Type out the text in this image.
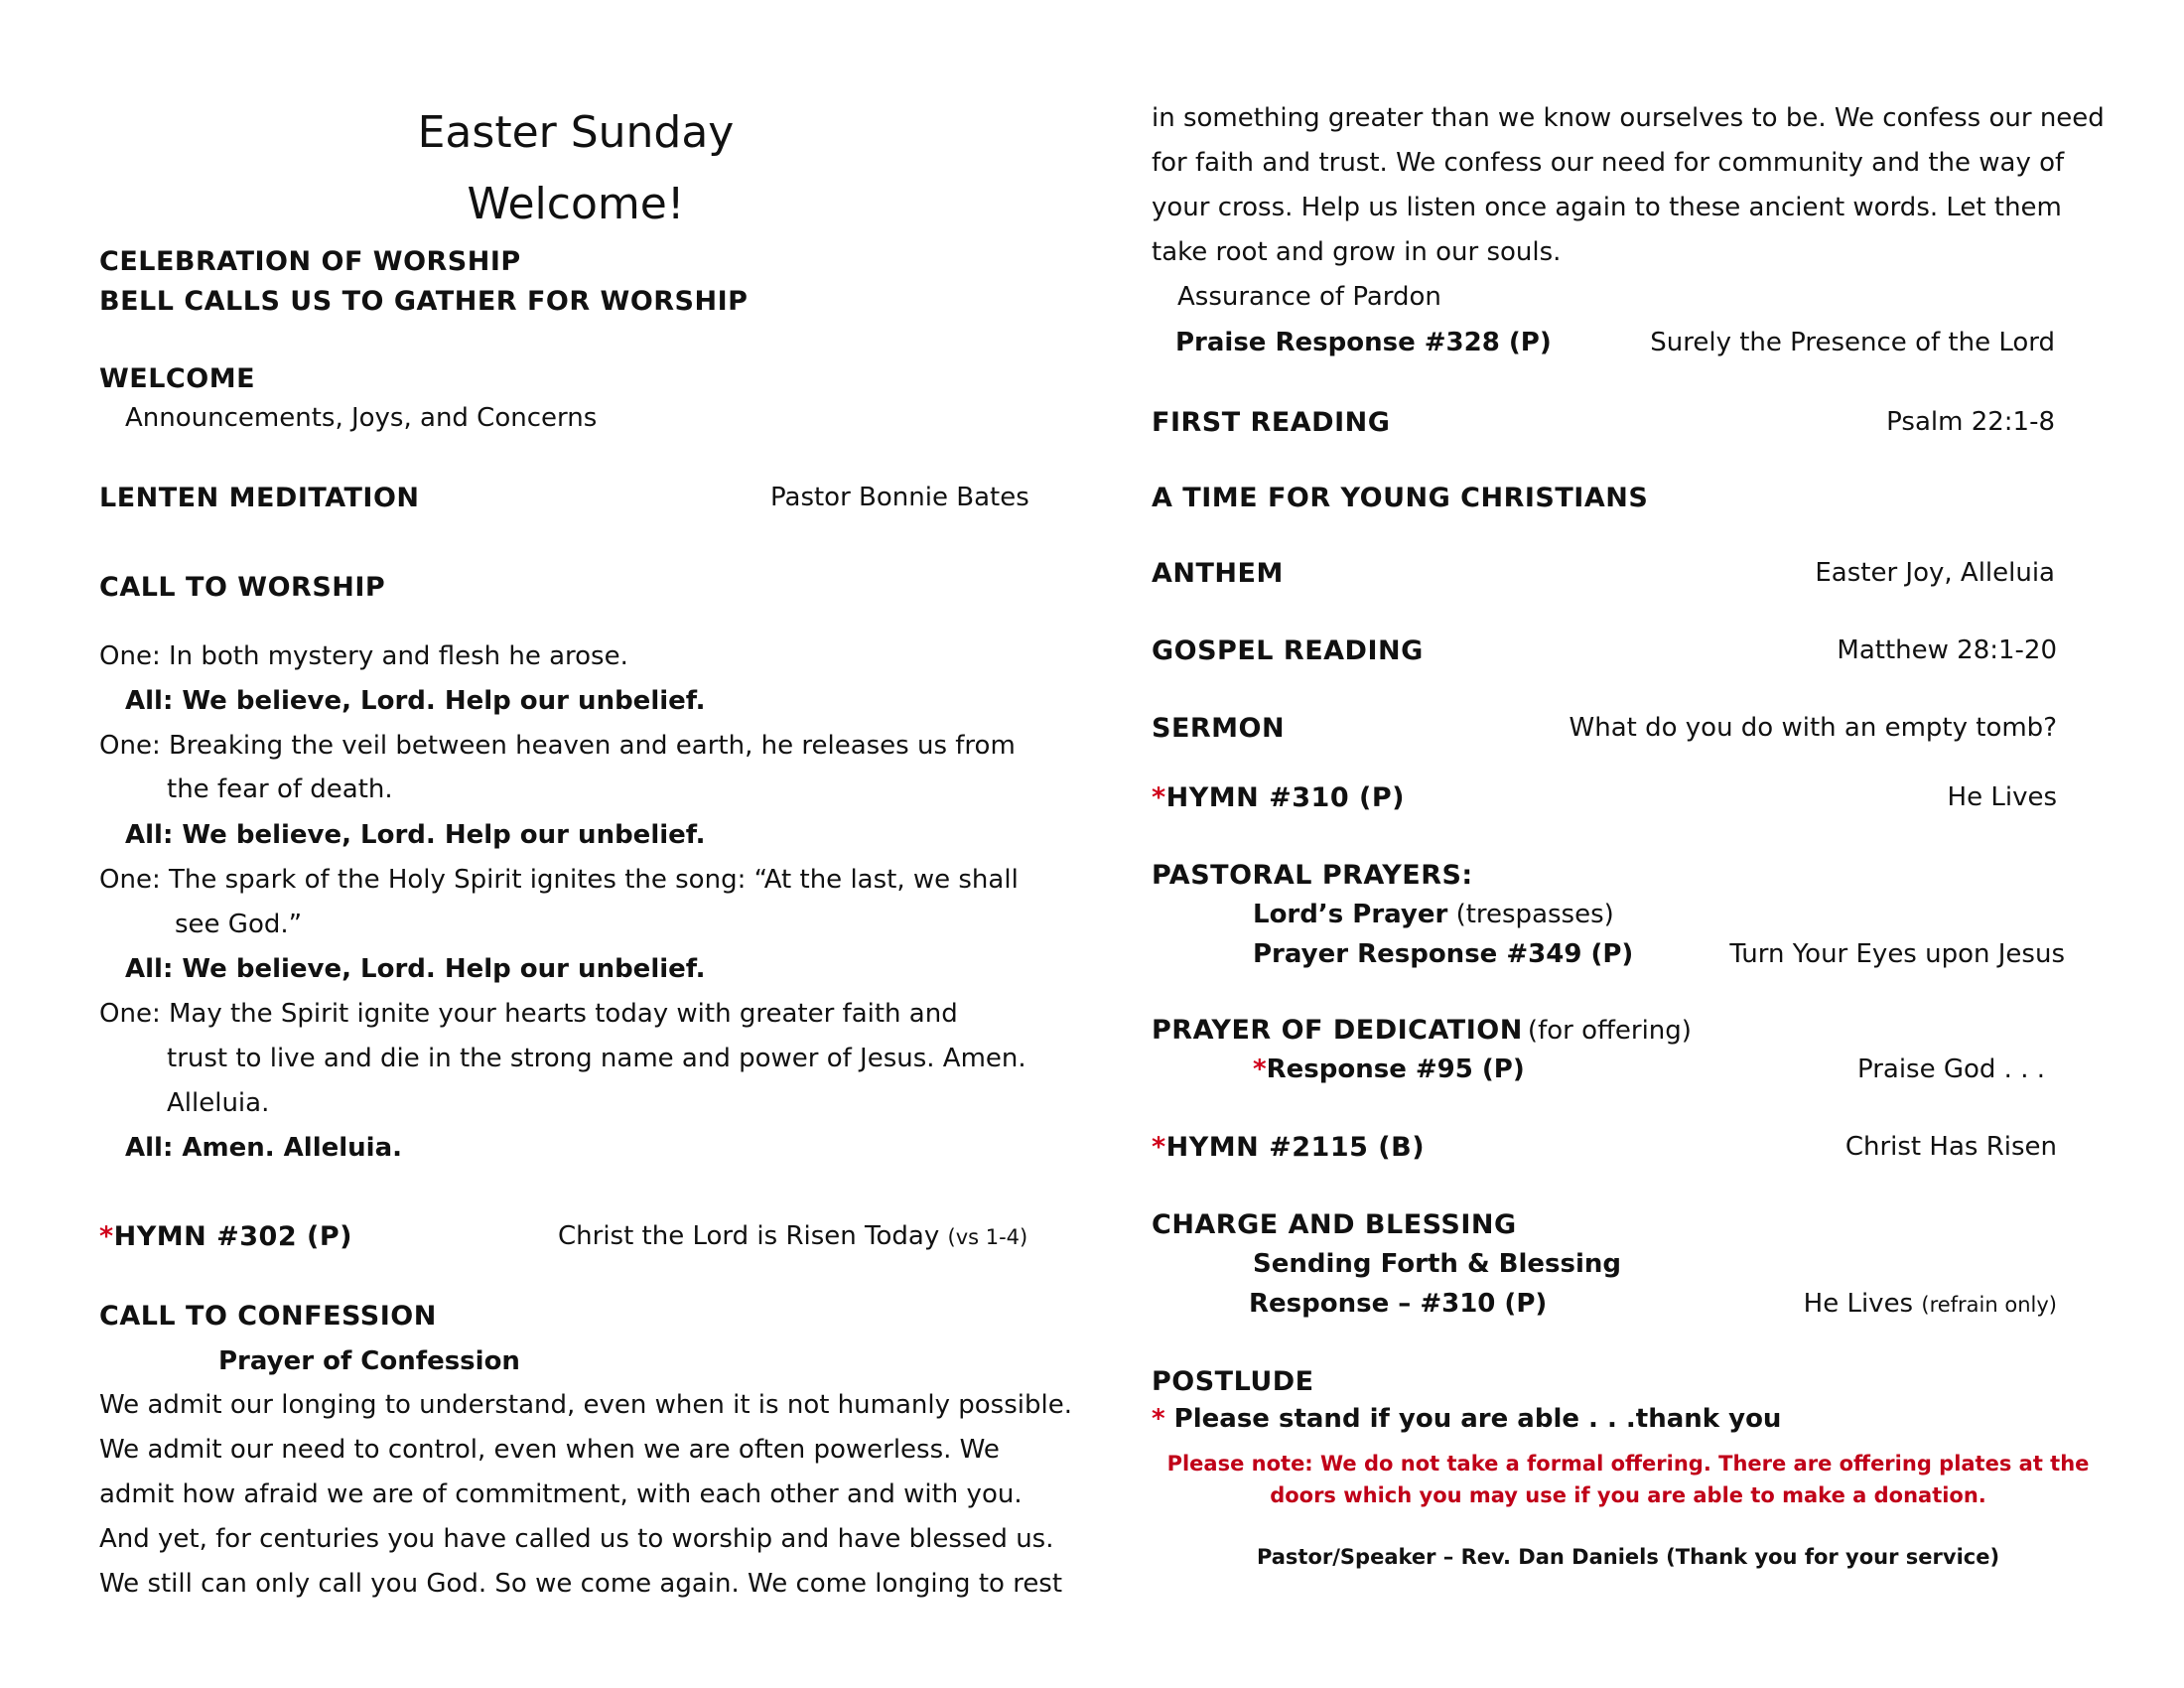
Easter Sunday
Welcome!
CELEBRATION OF WORSHIP
BELL CALLS US TO GATHER FOR WORSHIP
WELCOME
Announcements, Joys, and Concerns
LENTEN MEDITATION	Pastor Bonnie Bates
CALL TO WORSHIP
One: In both mystery and flesh he arose.
All: We believe, Lord. Help our unbelief.
One: Breaking the veil between heaven and earth, he releases us from
the fear of death.
All: We believe, Lord. Help our unbelief.
One: The spark of the Holy Spirit ignites the song: “At the last, we shall
see God.”
All: We believe, Lord. Help our unbelief.
One: May the Spirit ignite your hearts today with greater faith and
trust to live and die in the strong name and power of Jesus. Amen.
Alleluia.
All: Amen. Alleluia.
*HYMN #302 (P)	Christ the Lord is Risen Today (vs 1-4)
CALL TO CONFESSION
Prayer of Confession
We admit our longing to understand, even when it is not humanly possible.
We admit our need to control, even when we are often powerless. We
admit how afraid we are of commitment, with each other and with you.
And yet, for centuries you have called us to worship and have blessed us.
We still can only call you God. So we come again. We come longing to rest
in something greater than we know ourselves to be. We confess our need
for faith and trust. We confess our need for community and the way of
your cross. Help us listen once again to these ancient words. Let them
take root and grow in our souls.
Assurance of Pardon
Praise Response #328 (P)	Surely the Presence of the Lord
FIRST READING	Psalm 22:1-8
A TIME FOR YOUNG CHRISTIANS
ANTHEM	Easter Joy, Alleluia
GOSPEL READING	Matthew 28:1-20
SERMON	What do you do with an empty tomb?
*HYMN #310 (P)	He Lives
PASTORAL PRAYERS:
Lord’s Prayer (trespasses)
Prayer Response #349 (P)	Turn Your Eyes upon Jesus
PRAYER OF DEDICATION (for offering)
*Response #95 (P)	Praise God . . .
*HYMN #2115 (B)	Christ Has Risen
CHARGE AND BLESSING
Sending Forth & Blessing
Response – #310 (P)	He Lives (refrain only)
POSTLUDE
* Please stand if you are able . . .thank you
Please note: We do not take a formal offering. There are offering plates at the
doors which you may use if you are able to make a donation.
Pastor/Speaker – Rev. Dan Daniels (Thank you for your service)
